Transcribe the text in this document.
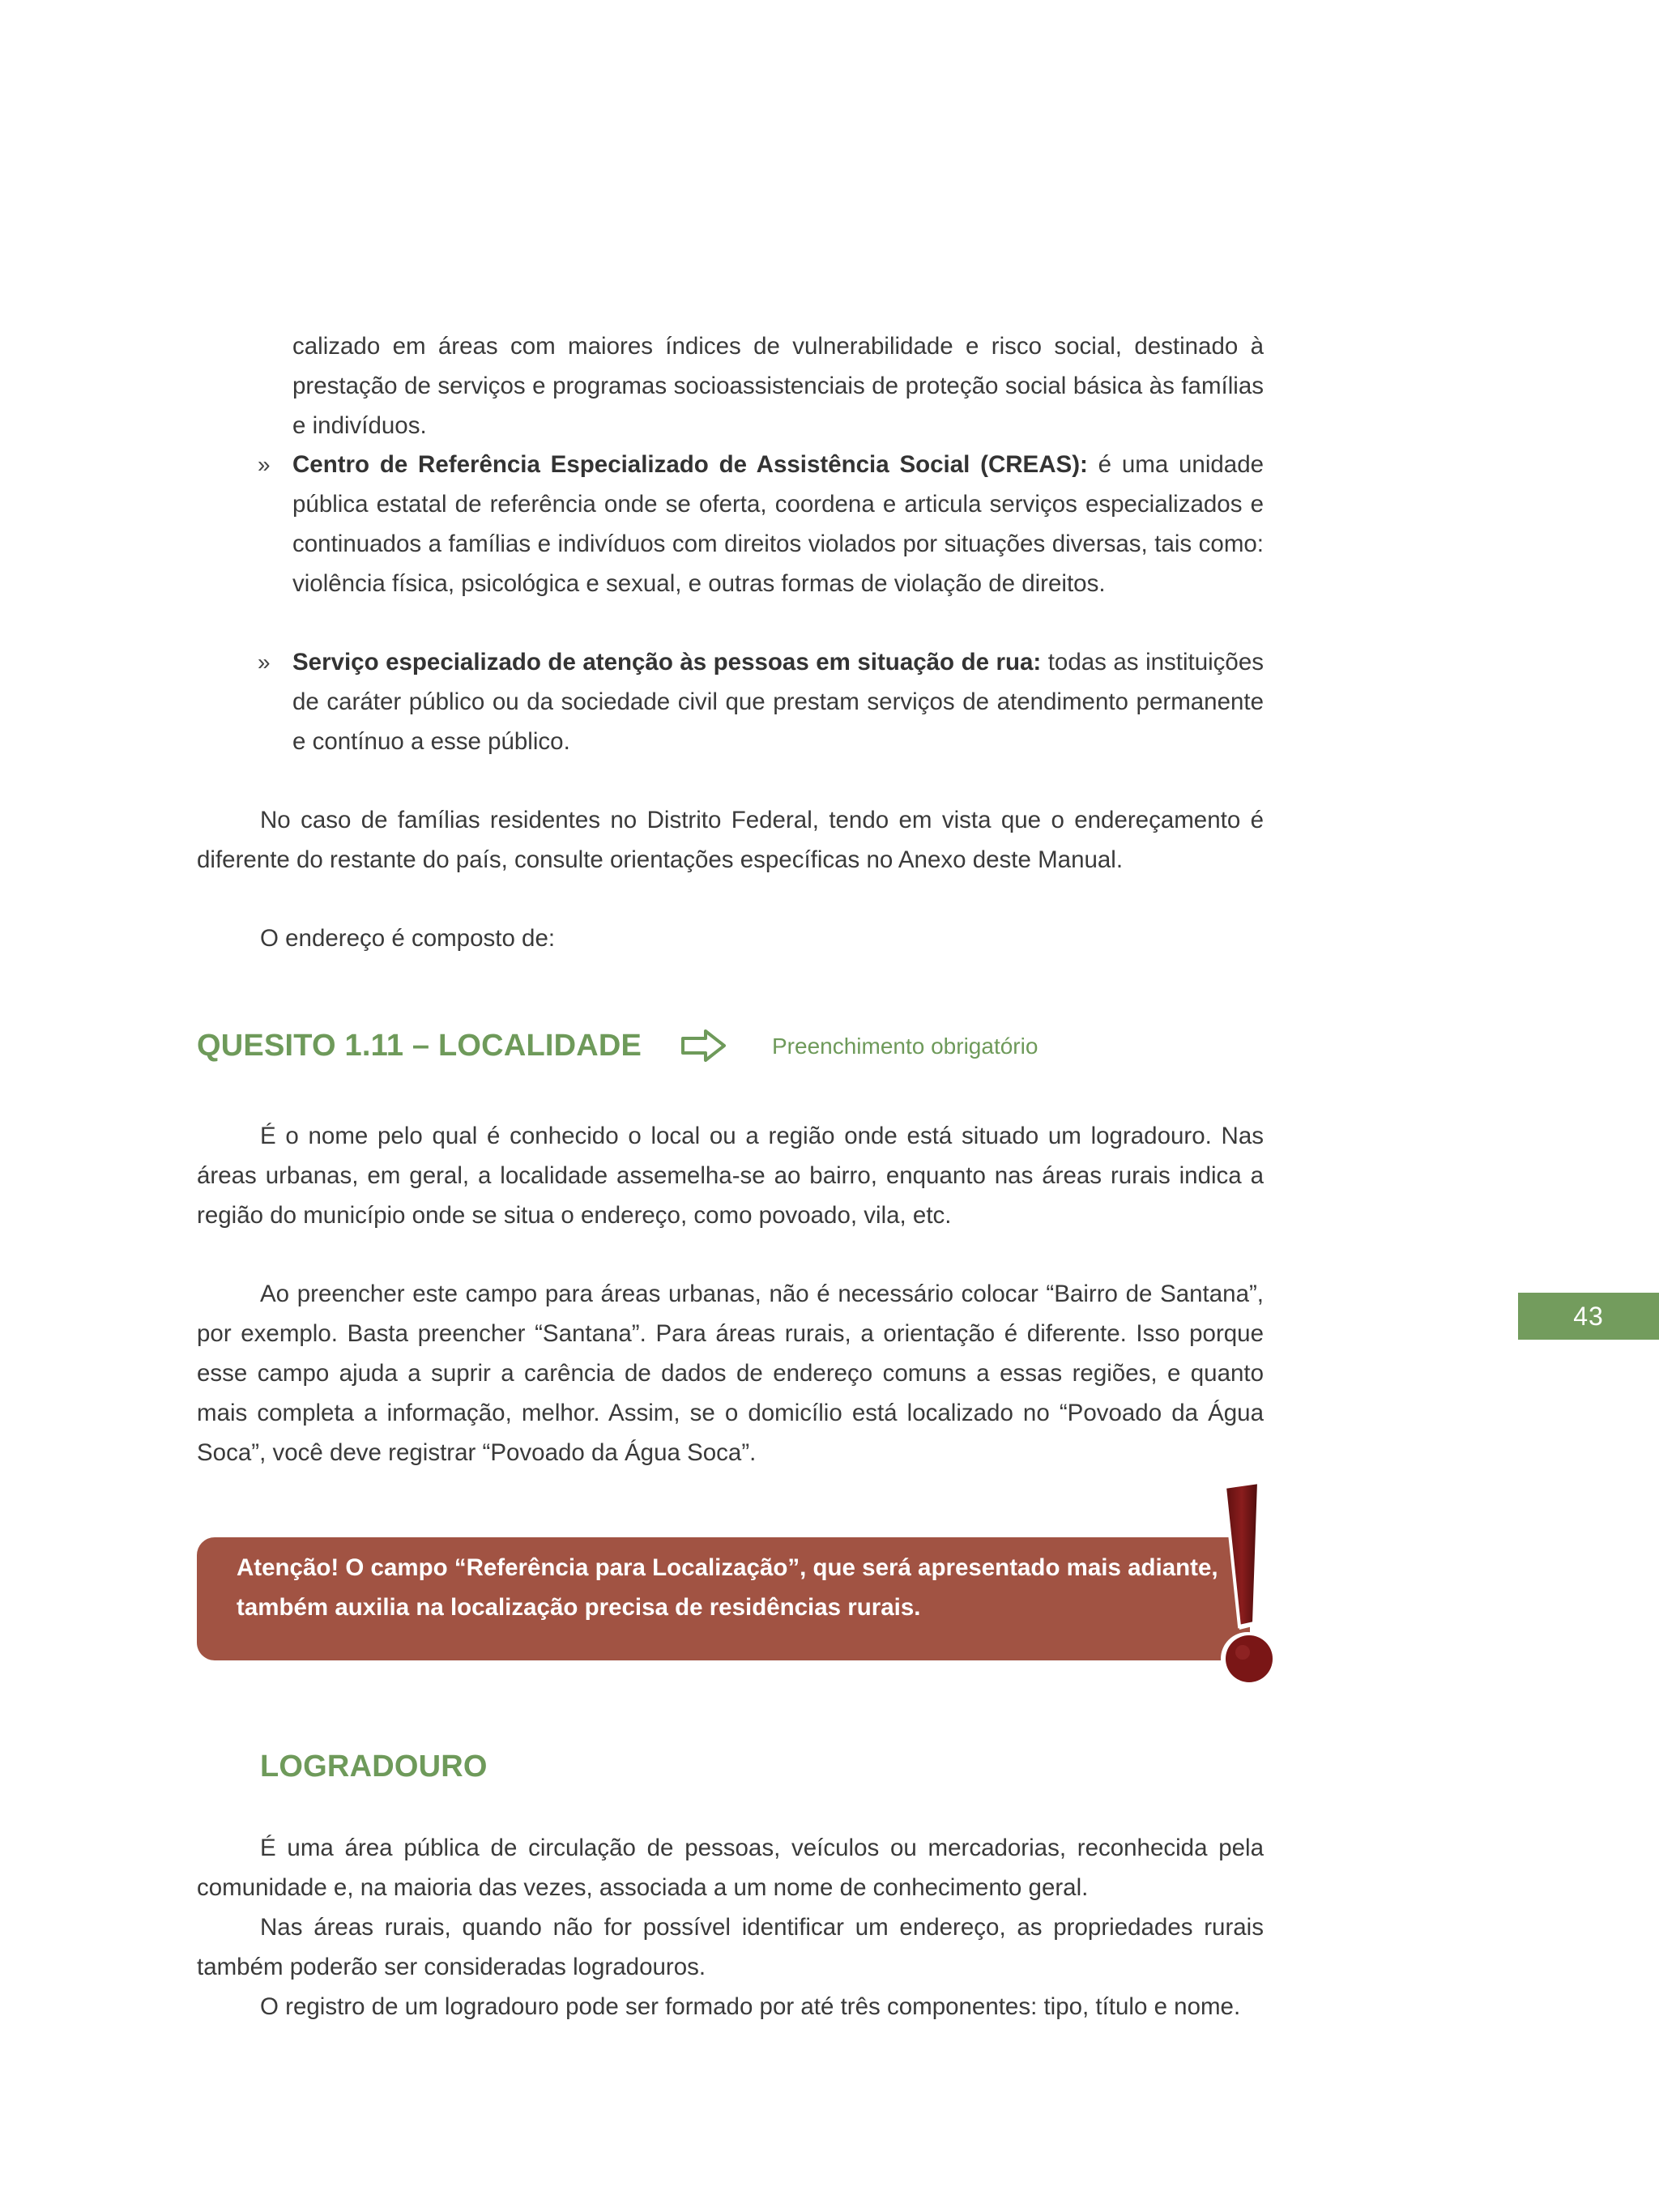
calizado em áreas com maiores índices de vulnerabilidade e risco social, destinado à prestação de serviços e programas socioassistenciais de proteção social básica às famílias e indivíduos.

» Centro de Referência Especializado de Assistência Social (CREAS): é uma unidade pública estatal de referência onde se oferta, coordena e articula serviços especializados e continuados a famílias e indivíduos com direitos violados por situações diversas, tais como: violência física, psicológica e sexual, e outras formas de violação de direitos.

» Serviço especializado de atenção às pessoas em situação de rua: todas as instituições de caráter público ou da sociedade civil que prestam serviços de atendimento permanente e contínuo a esse público.

No caso de famílias residentes no Distrito Federal, tendo em vista que o endereçamento é diferente do restante do país, consulte orientações específicas no Anexo deste Manual.

O endereço é composto de:

QUESITO 1.11 – LOCALIDADE	Preenchimento obrigatório

É o nome pelo qual é conhecido o local ou a região onde está situado um logradouro. Nas áreas urbanas, em geral, a localidade assemelha-se ao bairro, enquanto nas áreas rurais indica a região do município onde se situa o endereço, como povoado, vila, etc.

Ao preencher este campo para áreas urbanas, não é necessário colocar “Bairro de Santana”, por exemplo. Basta preencher “Santana”. Para áreas rurais, a orientação é diferente. Isso porque esse campo ajuda a suprir a carência de dados de endereço comuns a essas regiões, e quanto mais completa a informação, melhor. Assim, se o domicílio está localizado no “Povoado da Água Soca”, você deve registrar “Povoado da Água Soca”.

Atenção! O campo “Referência para Localização”, que será apresentado mais adiante, também auxilia na localização precisa de residências rurais.
LOGRADOURO

É uma área pública de circulação de pessoas, veículos ou mercadorias, reconhecida pela comunidade e, na maioria das vezes, associada a um nome de conhecimento geral.

Nas áreas rurais, quando não for possível identificar um endereço, as propriedades rurais também poderão ser consideradas logradouros.

O registro de um logradouro pode ser formado por até três componentes: tipo, título e nome.

43
